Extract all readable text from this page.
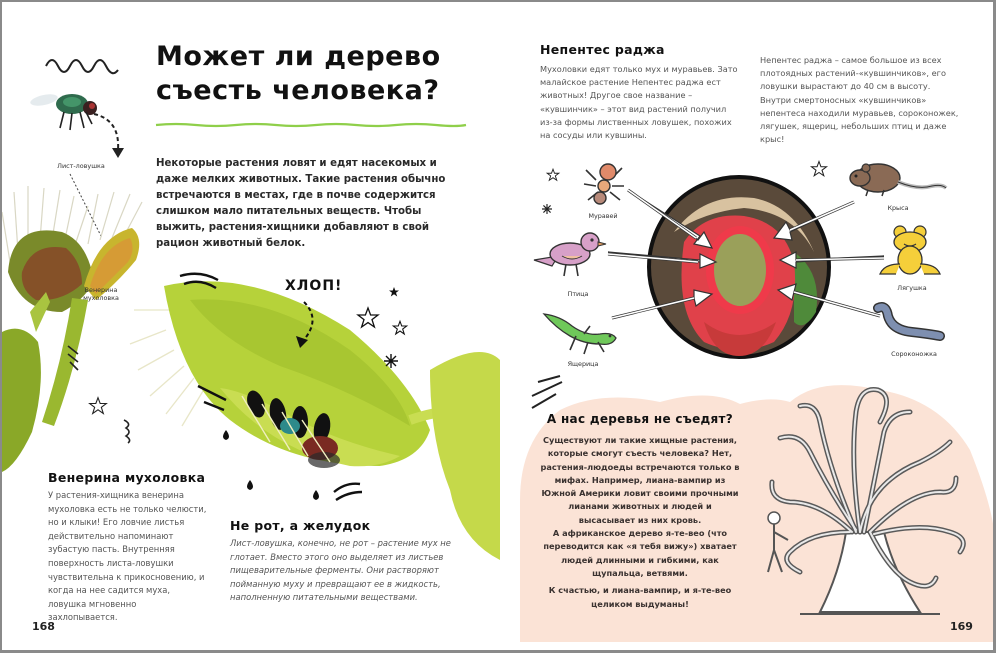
Лист-ловушка
Венерина мухоловка
Может ли дерево съесть человека?
Некоторые растения ловят и едят насекомых и даже мелких животных. Такие растения обычно встречаются в местах, где в почве содержится слишком мало питательных веществ. Чтобы выжить, растения-хищники добавляют в свой рацион животный белок.
ХЛОП!
Венерина мухоловка
У растения-хищника венерина мухоловка есть не только челюсти, но и клыки! Его ловчие листья действительно напоминают зубастую пасть. Внутренняя поверхность листа-ловушки чувствительна к прикосновению, и когда на нее садится муха, ловушка мгновенно захлопывается.
Не рот, а желудок
Лист-ловушка, конечно, не рот – растение мух не глотает. Вместо этого оно выделяет из листьев пищеварительные ферменты. Они растворяют пойманную муху и превращают ее в жидкость, наполненную питательными веществами.
168
Непентес раджа
Мухоловки едят только мух и муравьев. Зато малайское растение Непентес раджа ест животных! Другое свое название – «кувшинчик» – этот вид растений получил из-за формы лиственных ловушек, похожих на сосуды или кувшины.
Непентес раджа – самое большое из всех плотоядных растений-«кувшинчиков», его ловушки вырастают до 40 см в высоту. Внутри смертоносных «кувшинчиков» непентеса находили муравьев, сороконожек, лягушек, ящериц, небольших птиц и даже крыс!
Муравей
Птица
Ящерица
Крыса
Лягушка
Сороконожка
А нас деревья не съедят?
Существуют ли такие хищные растения, которые смогут съесть человека? Нет, растения-людоеды встречаются только в мифах. Например, лиана-вампир из Южной Америки ловит своими прочными лианами животных и людей и высасывает из них кровь.
А африканское дерево я-те-вео (что переводится как «я тебя вижу») хватает людей длинными и гибкими, как щупальца, ветвями.
К счастью, и лиана-вампир, и я-те-вео целиком выдуманы!
169
